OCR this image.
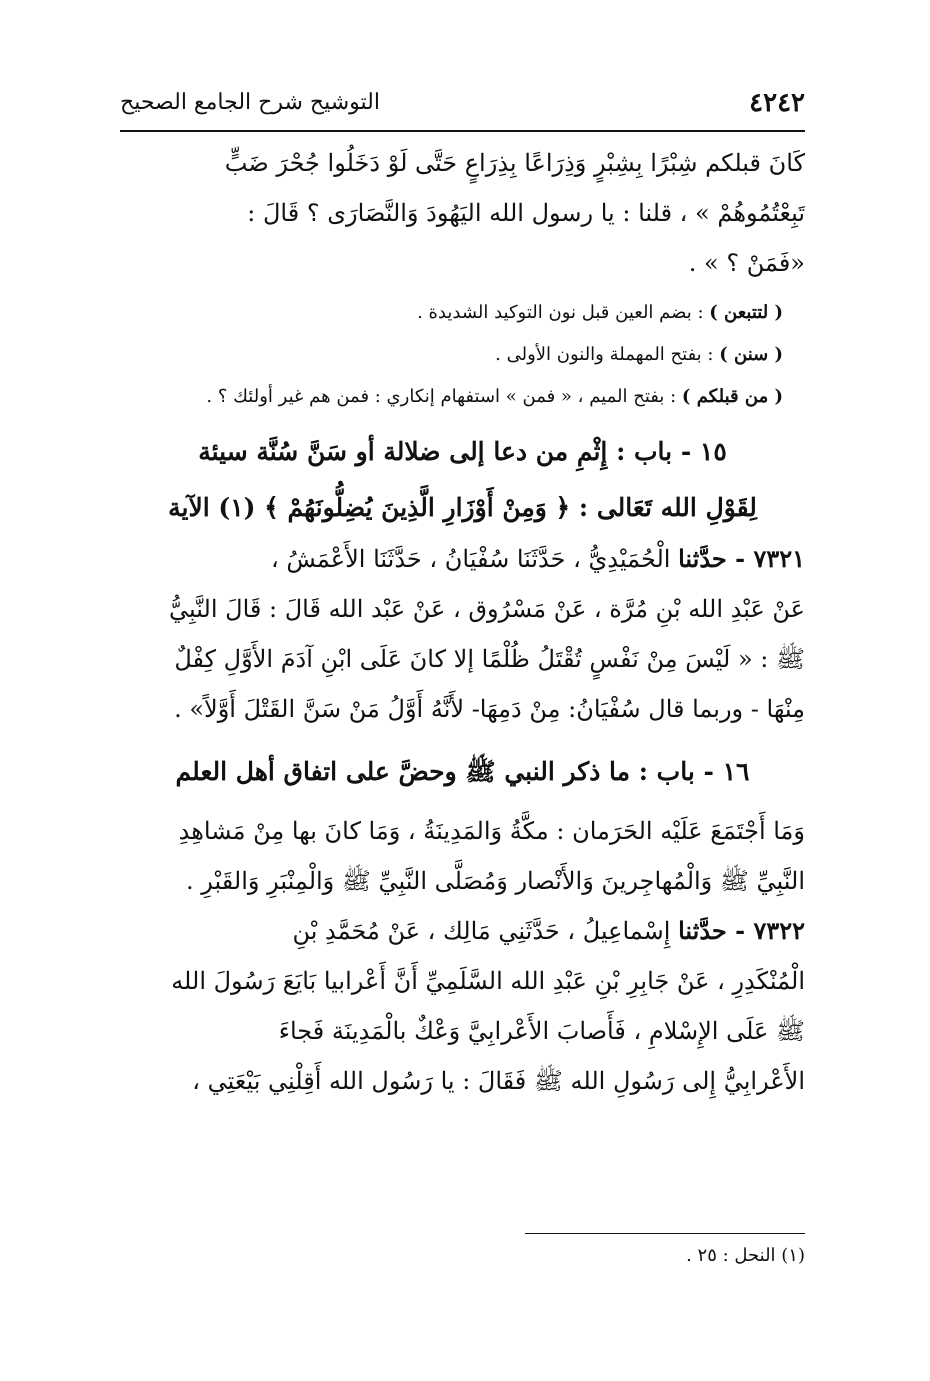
٤٢٤٢
التوشيح شرح الجامع الصحيح
كَانَ قبلكم شِبْرًا بِشِبْرٍ وَذِرَاعًا بِذِرَاعٍ حَتَّى لَوْ دَخَلُوا جُحْرَ ضَبٍّ
تَبِعْتُمُوهُمْ » ، قلنا : يا رسول الله اليَهُودَ وَالنَّصَارَى ؟ قَالَ :
«فَمَنْ ؟ » .

( لتتبعن ) : بضم العين قبل نون التوكيد الشديدة .

( سنن ) : بفتح المهملة والنون الأولى .

( من قبلكم ) : بفتح الميم ، « فمن » استفهام إنكاري : فمن هم غير أولئك ؟ .

١٥ - باب : إِثْمِ من دعا إلى ضلالة أو سَنَّ سُنَّة سيئة
لِقَوْلِ الله تَعَالى : ﴿ وَمِنْ أَوْزَارِ الَّذِينَ يُضِلُّونَهُمْ ﴾ (١) الآية
٧٣٢١ - حدَّثنا الْحُمَيْدِيُّ ، حَدَّثَنَا سُفْيَانُ ، حَدَّثَنَا الأَعْمَشُ ،
عَنْ عَبْدِ الله بْنِ مُرَّة ، عَنْ مَسْرُوق ، عَنْ عَبْد الله قَالَ : قَالَ النَّبِيُّ
ﷺ : « لَيْسَ مِنْ نَفْسٍ تُقْتَلُ ظُلْمًا إلا كانَ عَلَى ابْنِ آدَمَ الأَوَّلِ كِفْلٌ
مِنْهَا - وربما قال سُفْيَانُ: مِنْ دَمِهَا- لأَنَّهُ أَوَّلُ مَنْ سَنَّ القَتْلَ أَوَّلاً» .
١٦ - باب : ما ذكر النبي ﷺ وحضَّ على اتفاق أهل العلم
وَمَا أَجْتَمَعَ عَلَيْه الحَرَمان : مكَّةُ وَالمَدِينَةُ ، وَمَا كانَ بها مِنْ مَشاهِدِ
النَّبِيِّ ﷺ وَالْمُهاجِرينَ وَالأَنْصار وَمُصَلَّى النَّبِيِّ ﷺ وَالْمِنْبَرِ وَالقَبْرِ .
٧٣٢٢ - حدَّثنا إِسْماعِيلُ ، حَدَّثَنِي مَالِك ، عَنْ مُحَمَّدِ بْنِ
الْمُنْكَدِرِ ، عَنْ جَابِرِ بْنِ عَبْدِ الله السَّلَمِيِّ أَنَّ أَعْرابيا بَايَعَ رَسُولَ الله
ﷺ عَلَى الإِسْلامِ ، فَأَصابَ الأَعْرابِيَّ وَعْكٌ بالْمَدِينَة فَجاءَ
الأَعْرابِيُّ إِلى رَسُولِ الله ﷺ فَقَالَ : يا رَسُول الله أَقِلْنِي بَيْعَتِي ،
(١) النحل : ٢٥ .
